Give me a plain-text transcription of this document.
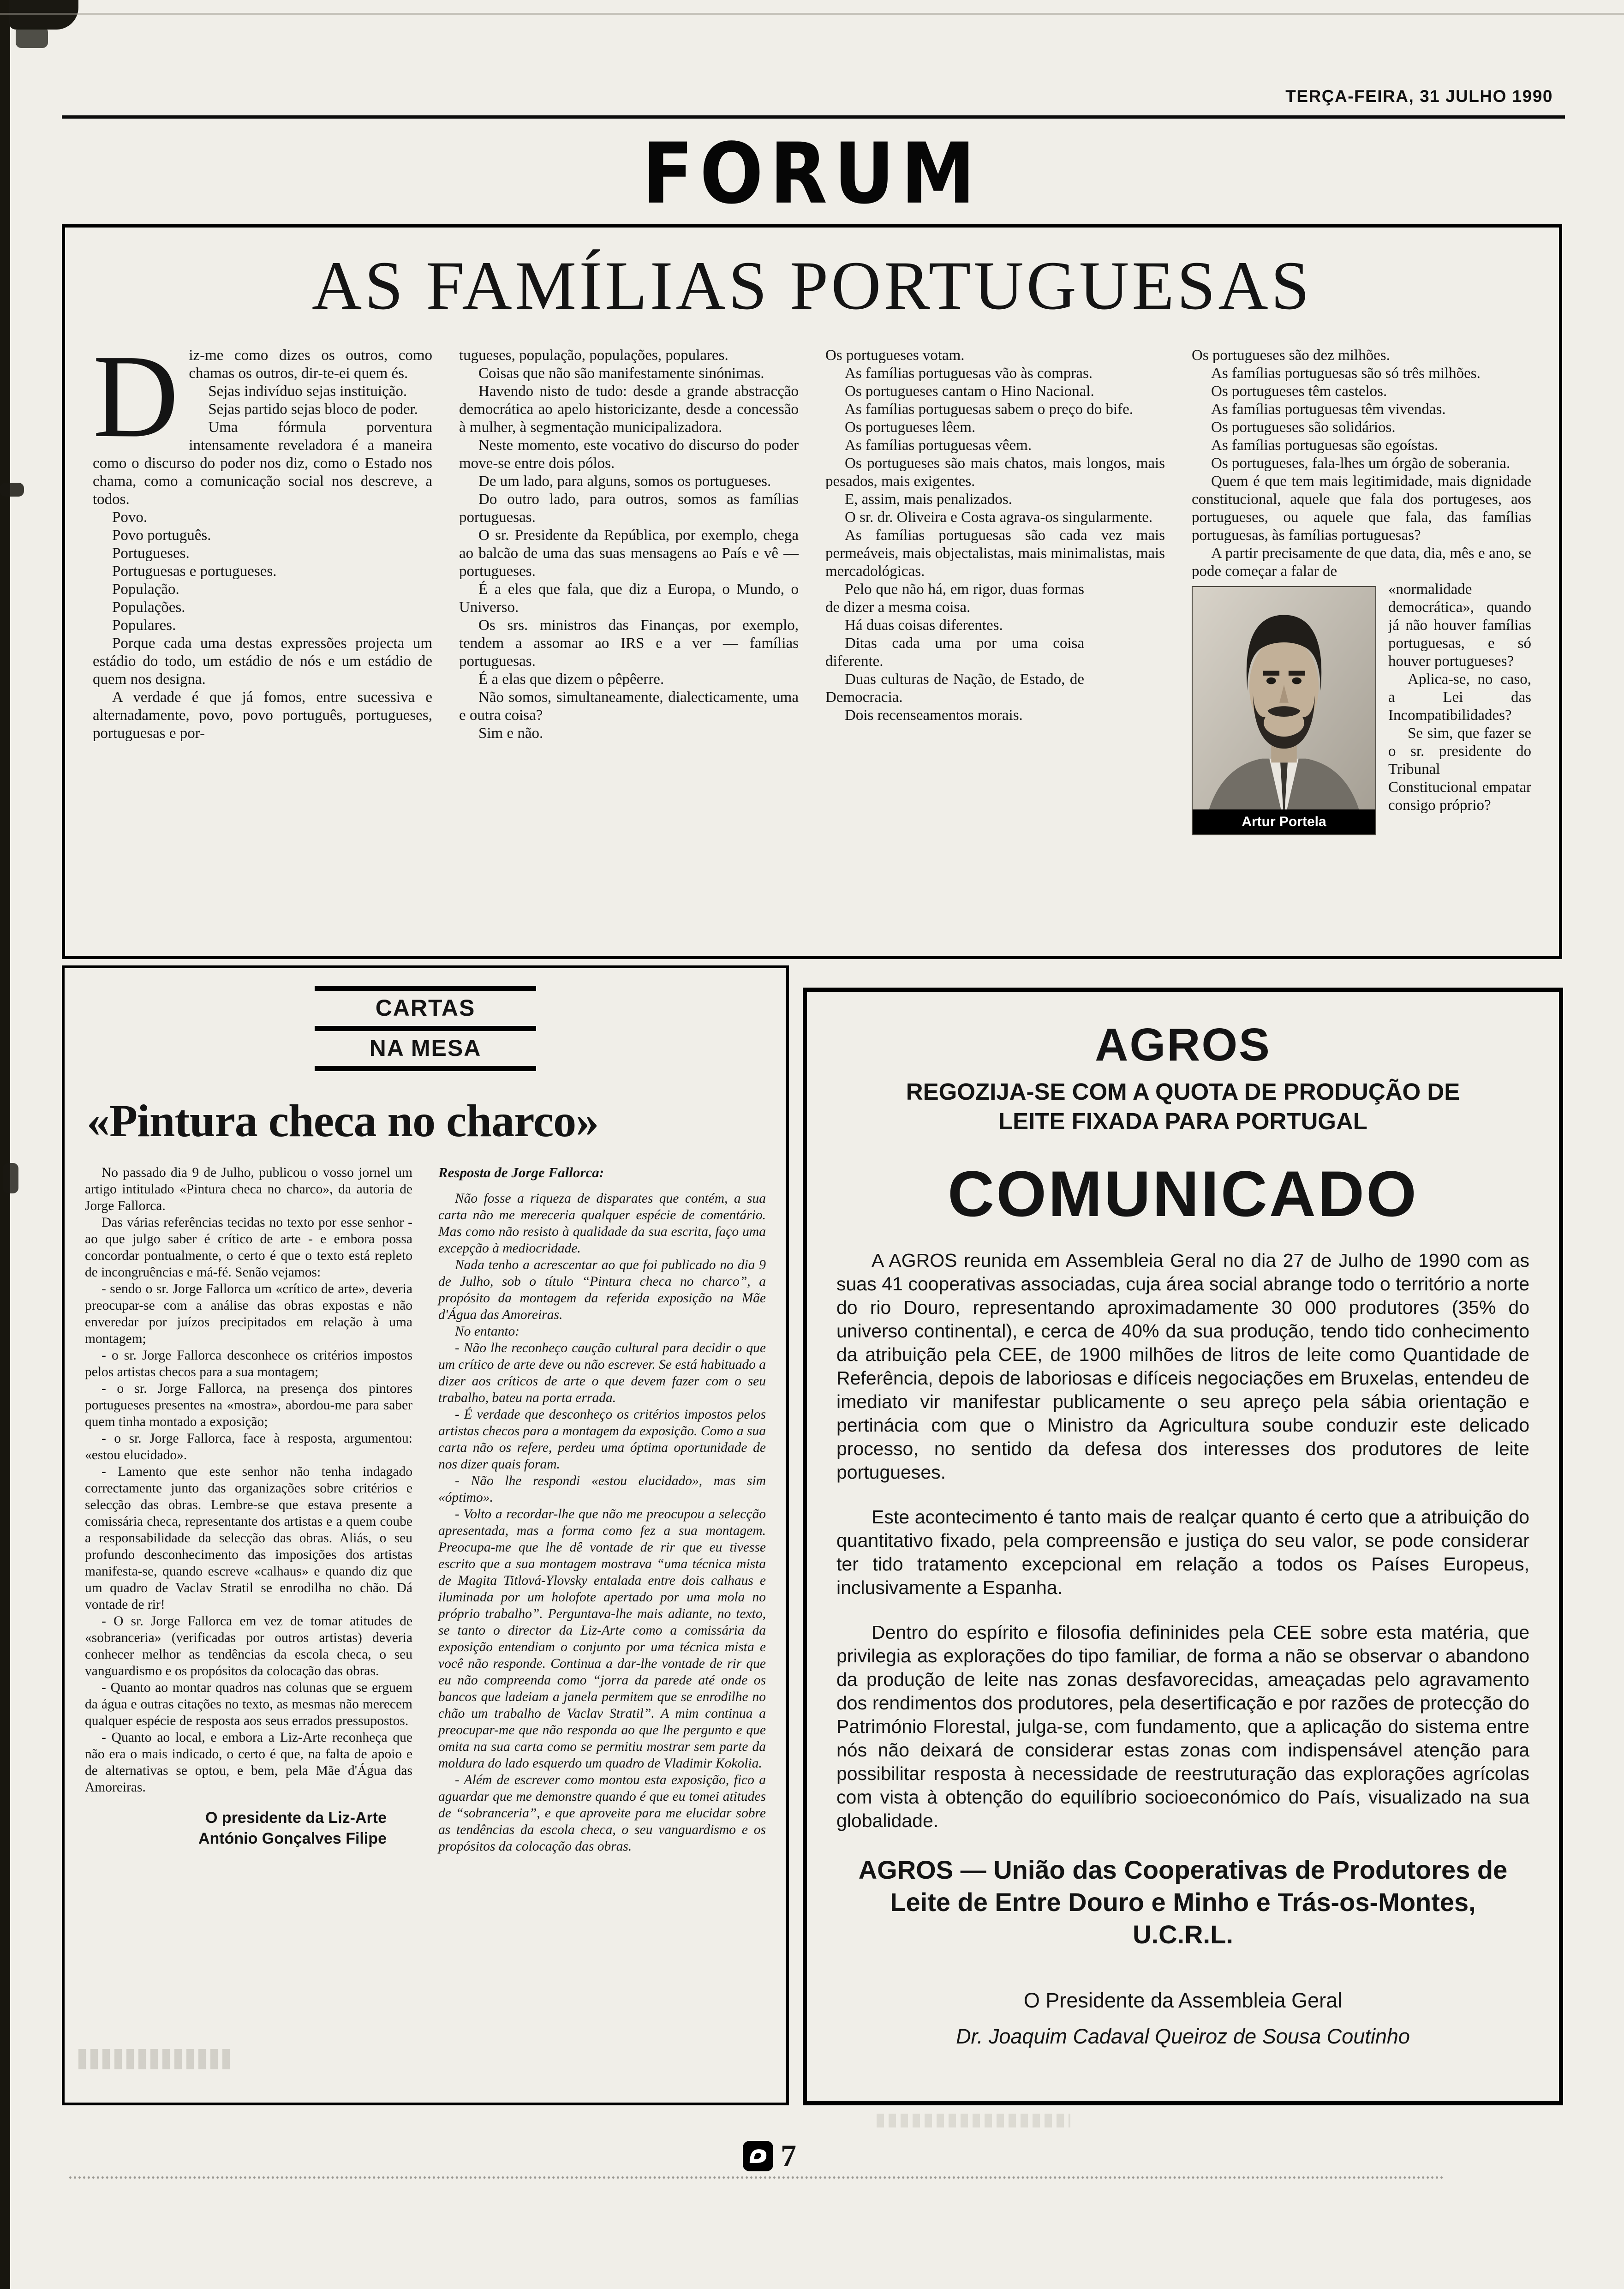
TERÇA-FEIRA, 31 JULHO 1990
FORUM
AS FAMÍLIAS PORTUGUESAS
D iz-me como dizes os outros, como chamas os outros, dir-te-ei quem és.

Sejas indivíduo sejas instituição.

Sejas partido sejas bloco de poder.

Uma fórmula porventura intensamente reveladora é a maneira como o discurso do poder nos diz, como o Estado nos chama, como a comunicação social nos descreve, a todos.

Povo.

Povo português.

Portugueses.

Portuguesas e portugueses.

População.

Populações.

Populares.

Porque cada uma destas expressões projecta um estádio do todo, um estádio de nós e um estádio de quem nos designa.

A verdade é que já fomos, entre sucessiva e alternadamente, povo, povo português, portugueses, portuguesas e por-

tugueses, população, populações, populares.

Coisas que não são manifestamente sinónimas.

Havendo nisto de tudo: desde a grande abstracção democrática ao apelo historicizante, desde a concessão à mulher, à segmentação municipalizadora.

Neste momento, este vocativo do discurso do poder move-se entre dois pólos.

De um lado, para alguns, somos os portugueses.

Do outro lado, para outros, somos as famílias portuguesas.

O sr. Presidente da República, por exemplo, chega ao balcão de uma das suas mensagens ao País e vê — portugueses.

É a eles que fala, que diz a Europa, o Mundo, o Universo.

Os srs. ministros das Finanças, por exemplo, tendem a assomar ao IRS e a ver — famílias portuguesas.

É a elas que dizem o pêpêerre.

Não somos, simultaneamente, dialecticamente, uma e outra coisa?

Sim e não.

Os portugueses votam.

As famílias portuguesas vão às compras.

Os portugueses cantam o Hino Nacional.

As famílias portuguesas sabem o preço do bife.

Os portugueses lêem.

As famílias portuguesas vêem.

Os portugueses são mais chatos, mais longos, mais pesados, mais exigentes.

E, assim, mais penalizados.

O sr. dr. Oliveira e Costa agrava-os singularmente.

As famílias portuguesas são cada vez mais permeáveis, mais objectalistas, mais minimalistas, mais mercadológicas.

Pelo que não há, em rigor, duas formas de dizer a mesma coisa.

Há duas coisas diferentes.

Ditas cada uma por uma coisa diferente.

Duas culturas de Nação, de Estado, de Democracia.

Dois recenseamentos morais.

Os portugueses são dez milhões.

As famílias portuguesas são só três milhões.

Os portugueses têm castelos.

As famílias portuguesas têm vivendas.

Os portugueses são solidários.

As famílias portuguesas são egoístas.

Os portugueses, fala-lhes um órgão de soberania.

Quem é que tem mais legitimidade, mais dignidade constitucional, aquele que fala dos portugeses, aos portugueses, ou aquele que fala, das famílias portuguesas, às famílias portuguesas?

A partir precisamente de que data, dia, mês e ano, se pode começar a falar de

Artur Portela

«normalidade democrática», quando já não houver famílias portuguesas, e só houver portugueses?

Aplica-se, no caso, a Lei das Incompatibilidades?

Se sim, que fazer se o sr. presidente do Tribunal Constitucional empatar consigo próprio?

CARTAS
NA MESA
«Pintura checa no charco»

No passado dia 9 de Julho, publicou o vosso jornel um artigo intitulado «Pintura checa no charco», da autoria de Jorge Fallorca.

Das várias referências tecidas no texto por esse senhor - ao que julgo saber é crítico de arte - e embora possa concordar pontualmente, o certo é que o texto está repleto de incongruências e má-fé. Senão vejamos:

- sendo o sr. Jorge Fallorca um «crítico de arte», deveria preocupar-se com a análise das obras expostas e não enveredar por juízos precipitados em relação à uma montagem;

- o sr. Jorge Fallorca desconhece os critérios impostos pelos artistas checos para a sua montagem;

- o sr. Jorge Fallorca, na presença dos pintores portugueses presentes na «mostra», abordou-me para saber quem tinha montado a exposição;

- o sr. Jorge Fallorca, face à resposta, argumentou: «estou elucidado».

- Lamento que este senhor não tenha indagado correctamente junto das organizações sobre critérios e selecção das obras. Lembre-se que estava presente a comissária checa, representante dos artistas e a quem coube a responsabilidade da selecção das obras. Aliás, o seu profundo desconhecimento das imposições dos artistas manifesta-se, quando escreve «calhaus» e quando diz que um quadro de Vaclav Stratil se enrodilha no chão. Dá vontade de rir!

- O sr. Jorge Fallorca em vez de tomar atitudes de «sobranceria» (verificadas por outros artistas) deveria conhecer melhor as tendências da escola checa, o seu vanguardismo e os propósitos da colocação das obras.

- Quanto ao montar quadros nas colunas que se erguem da água e outras citações no texto, as mesmas não merecem qualquer espécie de resposta aos seus errados pressupostos.

- Quanto ao local, e embora a Liz-Arte reconheça que não era o mais indicado, o certo é que, na falta de apoio e de alternativas se optou, e bem, pela Mãe d'Água das Amoreiras.

O presidente da Liz-Arte
António Gonçalves Filipe

Resposta de Jorge Fallorca:

Não fosse a riqueza de disparates que contém, a sua carta não me mereceria qualquer espécie de comentário. Mas como não resisto à qualidade da sua escrita, faço uma excepção à mediocridade.

Nada tenho a acrescentar ao que foi publicado no dia 9 de Julho, sob o título “Pintura checa no charco”, a propósito da montagem da referida exposição na Mãe d'Água das Amoreiras.

No entanto:

- Não lhe reconheço caução cultural para decidir o que um crítico de arte deve ou não escrever. Se está habituado a dizer aos críticos de arte o que devem fazer com o seu trabalho, bateu na porta errada.

- É verdade que desconheço os critérios impostos pelos artistas checos para a montagem da exposição. Como a sua carta não os refere, perdeu uma óptima oportunidade de nos dizer quais foram.

- Não lhe respondi «estou elucidado», mas sim «óptimo».

- Volto a recordar-lhe que não me preocupou a selecção apresentada, mas a forma como fez a sua montagem. Preocupa-me que lhe dê vontade de rir que eu tivesse escrito que a sua montagem mostrava “uma técnica mista de Magita Titlová-Ylovsky entalada entre dois calhaus e iluminada por um holofote apertado por uma mola no próprio trabalho”. Perguntava-lhe mais adiante, no texto, se tanto o director da Liz-Arte como a comissária da exposição entendiam o conjunto por uma técnica mista e você não responde. Continua a dar-lhe vontade de rir que eu não compreenda como “jorra da parede até onde os bancos que ladeiam a janela permitem que se enrodilhe no chão um trabalho de Vaclav Stratil”. A mim continua a preocupar-me que não responda ao que lhe pergunto e que omita na sua carta como se permitiu mostrar sem parte da moldura do lado esquerdo um quadro de Vladimir Kokolia.

- Além de escrever como montou esta exposição, fico a aguardar que me demonstre quando é que eu tomei atitudes de “sobranceria”, e que aproveite para me elucidar sobre as tendências da escola checa, o seu vanguardismo e os propósitos da colocação das obras.

AGROS
REGOZIJA-SE COM A QUOTA DE PRODUÇÃO DE LEITE FIXADA PARA PORTUGAL
COMUNICADO

A AGROS reunida em Assembleia Geral no dia 27 de Julho de 1990 com as suas 41 cooperativas associadas, cuja área social abrange todo o território a norte do rio Douro, representando aproximadamente 30 000 produtores (35% do universo continental), e cerca de 40% da sua produção, tendo tido conhecimento da atribuição pela CEE, de 1900 milhões de litros de leite como Quantidade de Referência, depois de laboriosas e difíceis negociações em Bruxelas, entendeu de imediato vir manifestar publicamente o seu apreço pela sábia orientação e pertinácia com que o Ministro da Agricultura soube conduzir este delicado processo, no sentido da defesa dos interesses dos produtores de leite portugueses.

Este acontecimento é tanto mais de realçar quanto é certo que a atribuição do quantitativo fixado, pela compreensão e justiça do seu valor, se pode considerar ter tido tratamento excepcional em relação a todos os Países Europeus, inclusivamente a Espanha.

Dentro do espírito e filosofia defininides pela CEE sobre esta matéria, que privilegia as explorações do tipo familiar, de forma a não se observar o abandono da produção de leite nas zonas desfavorecidas, ameaçadas pelo agravamento dos rendimentos dos produtores, pela desertificação e por razões de protecção do Património Florestal, julga-se, com fundamento, que a aplicação do sistema entre nós não deixará de considerar estas zonas com indispensável atenção para possibilitar resposta à necessidade de reestruturação das explorações agrícolas com vista à obtenção do equilíbrio socioeconómico do País, visualizado na sua globalidade.

AGROS — União das Cooperativas de Produtores de Leite de Entre Douro e Minho e Trás-os-Montes, U.C.R.L.
O Presidente da Assembleia Geral
Dr. Joaquim Cadaval Queiroz de Sousa Coutinho
7
